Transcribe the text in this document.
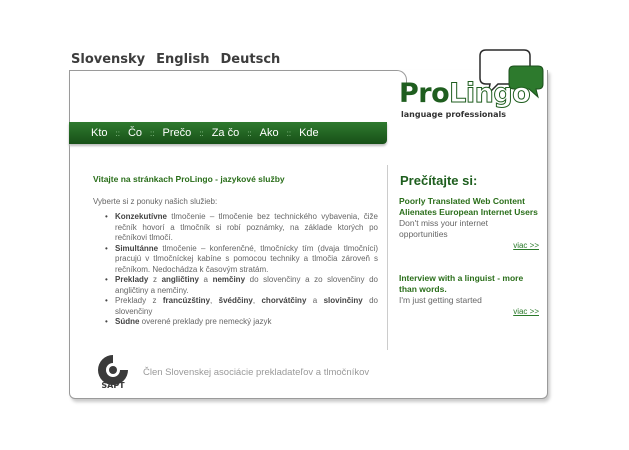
Slovensky English Deutsch
ProLingo
language professionals
Kto :: Čo :: Prečo :: Za čo :: Ako :: Kde
Vitajte na stránkach ProLingo - jazykové služby
Vyberte si z ponuky našich služieb:
• Konzekutívne tlmočenie – tlmočenie bez technického vybavenia, čiže rečník hovorí a tlmočník si robí poznámky, na základe ktorých po rečníkovi tlmočí.
• Simultánne tlmočenie – konferenčné, tlmočnícky tím (dvaja tlmočníci) pracujú v tlmočníckej kabíne s pomocou techniky a tlmočia zároveň s rečníkom. Nedochádza k časovým stratám.
• Preklady z angličtiny a nemčiny do slovenčiny a zo slovenčiny do angličtiny a nemčiny.
• Preklady z francúzštiny, švédčiny, chorvátčiny a slovinčiny do slovenčiny
• Súdne overené preklady pre nemecký jazyk
Prečítajte si:
Poorly Translated Web Content Alienates European Internet Users
Don't miss your internet opportunities
viac >>
Interview with a linguist - more than words.
I'm just getting started
viac >>
SAPT
Člen Slovenskej asociácie prekladateľov a tlmočníkov
